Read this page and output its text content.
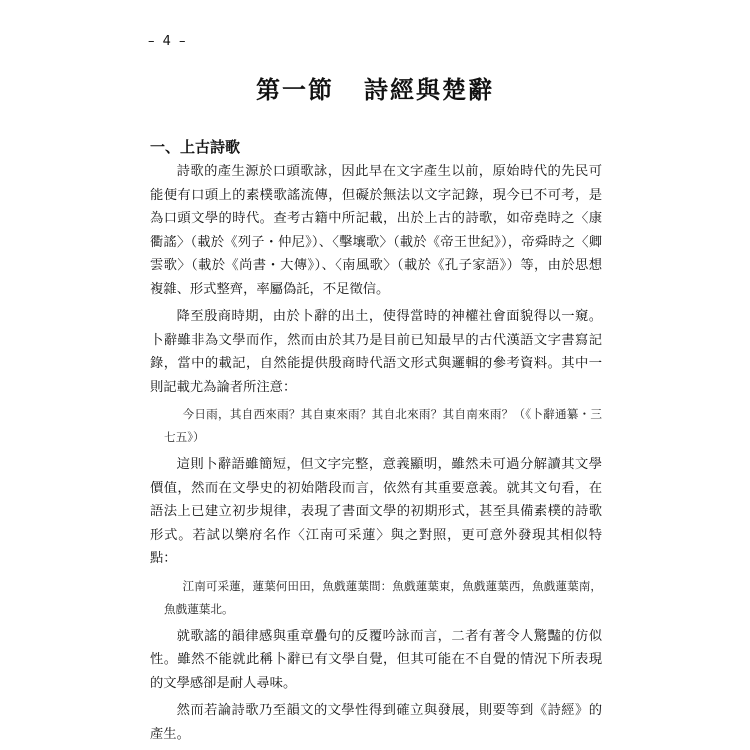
– 4 –
第一節 詩經與楚辭
一、上古詩歌

詩歌的產生源於口頭歌詠，因此早在文字產生以前，原始時代的先民可能便有口頭上的素樸歌謠流傳，但礙於無法以文字記錄，現今已不可考，是為口頭文學的時代。查考古籍中所記載，出於上古的詩歌，如帝堯時之〈康衢謠〉（載於《列子・仲尼》）、〈擊壤歌〉（載於《帝王世紀》），帝舜時之〈卿雲歌〉（載於《尚書・大傳》）、〈南風歌〉（載於《孔子家語》）等，由於思想複雜、形式整齊，率屬偽託，不足徵信。

降至殷商時期，由於卜辭的出土，使得當時的神權社會面貌得以一窺。卜辭雖非為文學而作，然而由於其乃是目前已知最早的古代漢語文字書寫記錄，當中的載記，自然能提供殷商時代語文形式與邏輯的參考資料。其中一則記載尤為論者所注意：

今日雨，其自西來雨？其自東來雨？其自北來雨？其自南來雨？（《卜辭通纂・三七五》）

這則卜辭語雖簡短，但文字完整，意義顯明，雖然未可過分解讀其文學價值，然而在文學史的初始階段而言，依然有其重要意義。就其文句看，在語法上已建立初步規律，表現了書面文學的初期形式，甚至具備素樸的詩歌形式。若試以樂府名作〈江南可采蓮〉與之對照，更可意外發現其相似特點：

江南可采蓮，蓮葉何田田，魚戲蓮葉間：魚戲蓮葉東，魚戲蓮葉西，魚戲蓮葉南，魚戲蓮葉北。

就歌謠的韻律感與重章疊句的反覆吟詠而言，二者有著令人驚豔的仿似性。雖然不能就此稱卜辭已有文學自覺，但其可能在不自覺的情況下所表現的文學感卻是耐人尋味。

然而若論詩歌乃至韻文的文學性得到確立與發展，則要等到《詩經》的產生。
